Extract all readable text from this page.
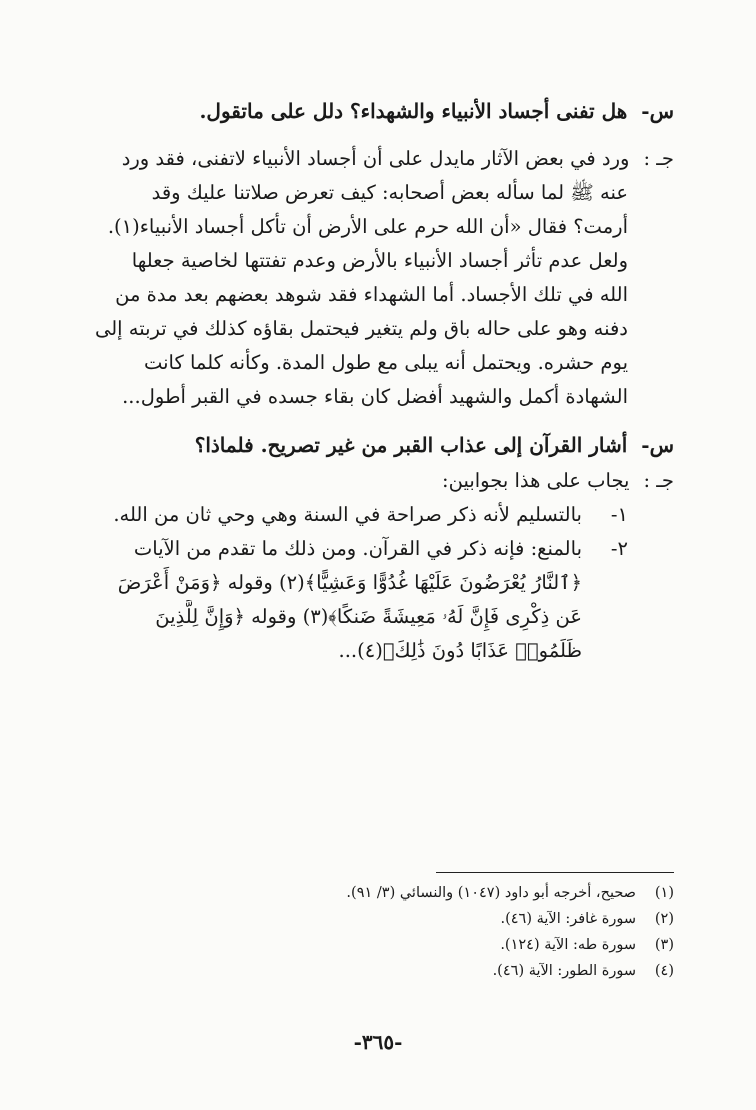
س-هل تفنى أجساد الأنبياء والشهداء؟ دلل على ماتقول.
جـ :ورد في بعض الآثار مايدل على أن أجساد الأنبياء لاتفنى، فقد ورد
عنه ﷺ لما سأله بعض أصحابه: كيف تعرض صلاتنا عليك وقد
أرمت؟ فقال «أن الله حرم على الأرض أن تأكل أجساد الأنبياء(١).
ولعل عدم تأثر أجساد الأنبياء بالأرض وعدم تفتتها لخاصية جعلها
الله في تلك الأجساد. أما الشهداء فقد شوهد بعضهم بعد مدة من
دفنه وهو على حاله باق ولم يتغير فيحتمل بقاؤه كذلك في تربته إلى
يوم حشره. ويحتمل أنه يبلى مع طول المدة. وكأنه كلما كانت
الشهادة أكمل والشهيد أفضل كان بقاء جسده في القبر أطول...
س-أشار القرآن إلى عذاب القبر من غير تصريح. فلماذا؟
جـ :يجاب على هذا بجوابين:
١-بالتسليم لأنه ذكر صراحة في السنة وهي وحي ثان من الله.
٢-بالمنع: فإنه ذكر في القرآن. ومن ذلك ما تقدم من الآيات
﴿ٱلنَّارُ يُعْرَضُونَ عَلَيْهَا غُدُوًّا وَعَشِيًّا﴾(٢) وقوله ﴿وَمَنْ أَعْرَضَ
عَن ذِكْرِى فَإِنَّ لَهُۥ مَعِيشَةً ضَنكًا﴾(٣) وقوله ﴿وَإِنَّ لِلَّذِينَ
ظَلَمُوا۟ عَذَابًا دُونَ ذَٰلِكَ﴾(٤)...
(١)صحيح، أخرجه أبو داود (١٠٤٧) والنسائي (٣/ ٩١).
(٢)سورة غافر: الآية (٤٦).
(٣)سورة طه: الآية (١٢٤).
(٤)سورة الطور: الآية (٤٦).
-٣٦٥-
